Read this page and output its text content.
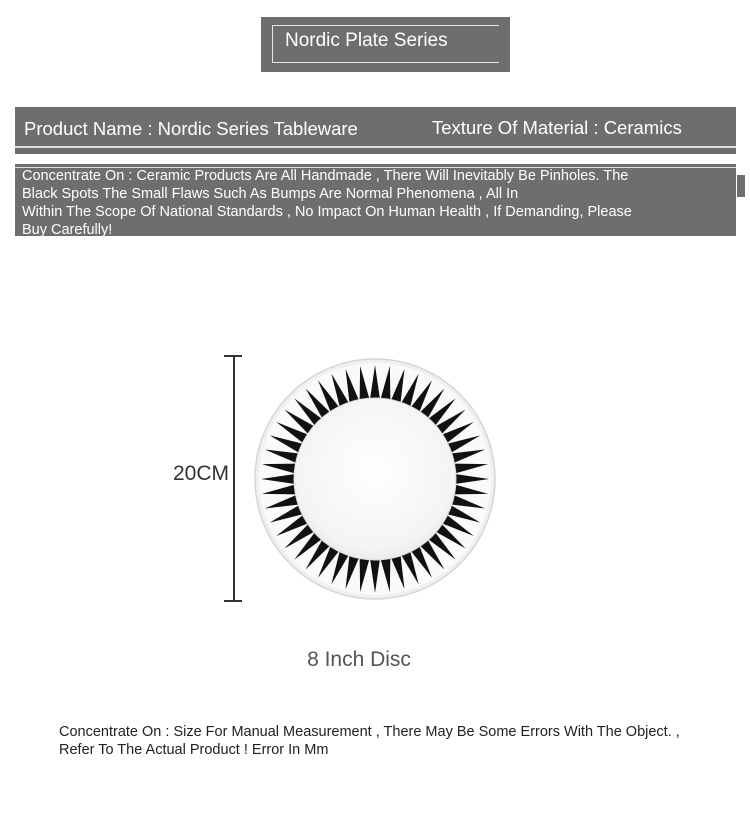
Nordic Plate Series
Product Name : Nordic Series Tableware	Texture Of Material : Ceramics
Concentrate On : Ceramic Products Are All Handmade , There Will Inevitably Be Pinholes. The
Black Spots The Small Flaws Such As Bumps Are Normal Phenomena , All In
Within The Scope Of National Standards , No Impact On Human Health , If Demanding, Please
Buy Carefully!
20CM
8 Inch Disc
Concentrate On : Size For Manual Measurement , There May Be Some Errors With The Object. , Refer To The Actual Product ! Error In Mm
